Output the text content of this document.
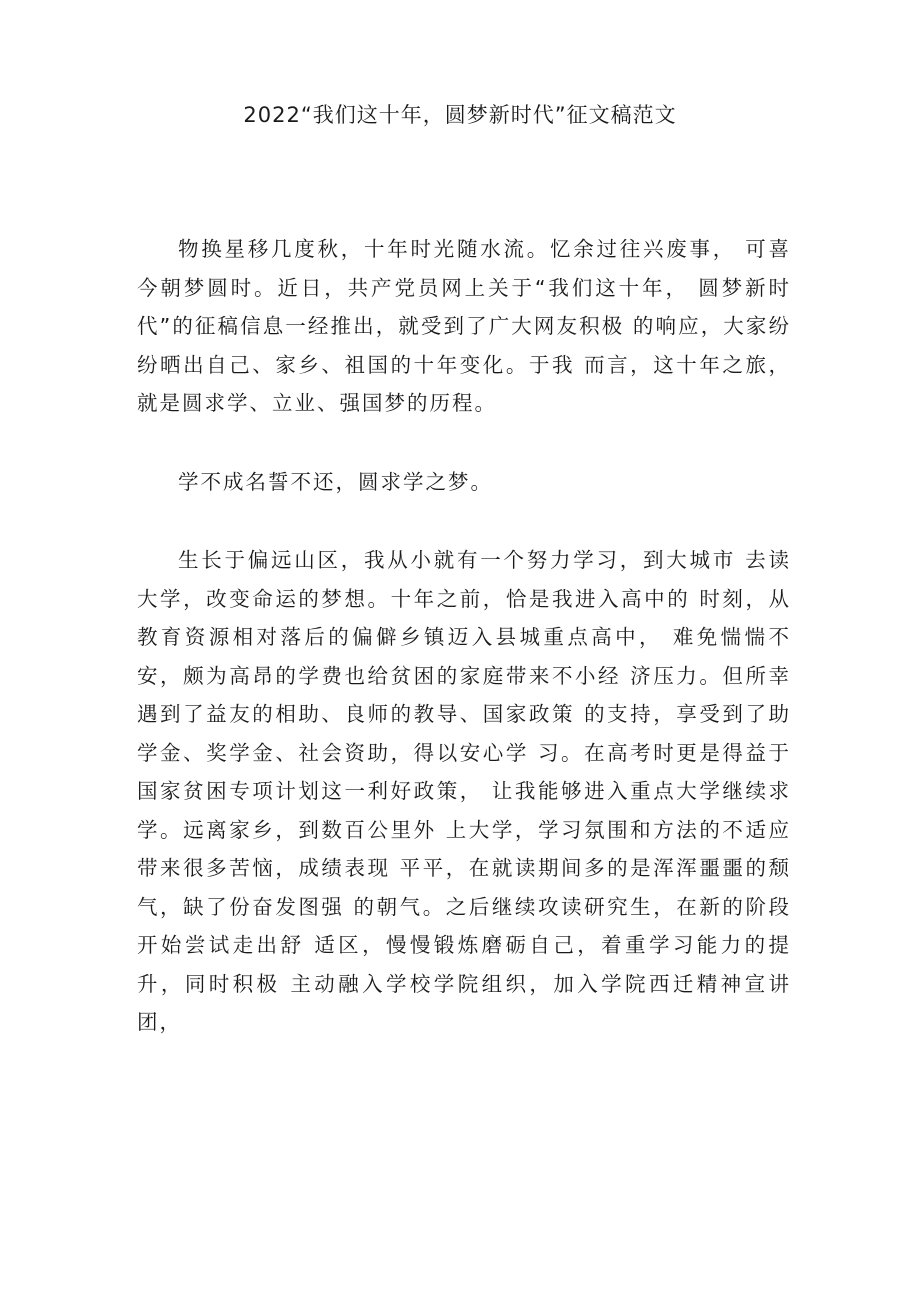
2022“我们这十年，圆梦新时代”征文稿范文

物换星移几度秋，十年时光随水流。忆余过往兴废事， 可喜今朝梦圆时。近日，共产党员网上关于“我们这十年， 圆梦新时代”的征稿信息一经推出，就受到了广大网友积极 的响应，大家纷纷晒出自己、家乡、祖国的十年变化。于我 而言，这十年之旅，就是圆求学、立业、强国梦的历程。

学不成名誓不还，圆求学之梦。

生长于偏远山区，我从小就有一个努力学习，到大城市 去读大学，改变命运的梦想。十年之前，恰是我进入高中的 时刻，从教育资源相对落后的偏僻乡镇迈入县城重点高中， 难免惴惴不安，颇为高昂的学费也给贫困的家庭带来不小经 济压力。但所幸遇到了益友的相助、良师的教导、国家政策 的支持，享受到了助学金、奖学金、社会资助，得以安心学 习。在高考时更是得益于国家贫困专项计划这一利好政策， 让我能够进入重点大学继续求学。远离家乡，到数百公里外 上大学，学习氛围和方法的不适应带来很多苦恼，成绩表现 平平，在就读期间多的是浑浑噩噩的颓气，缺了份奋发图强 的朝气。之后继续攻读研究生，在新的阶段开始尝试走出舒 适区，慢慢锻炼磨砺自己，着重学习能力的提升，同时积极 主动融入学校学院组织，加入学院西迁精神宣讲团，
